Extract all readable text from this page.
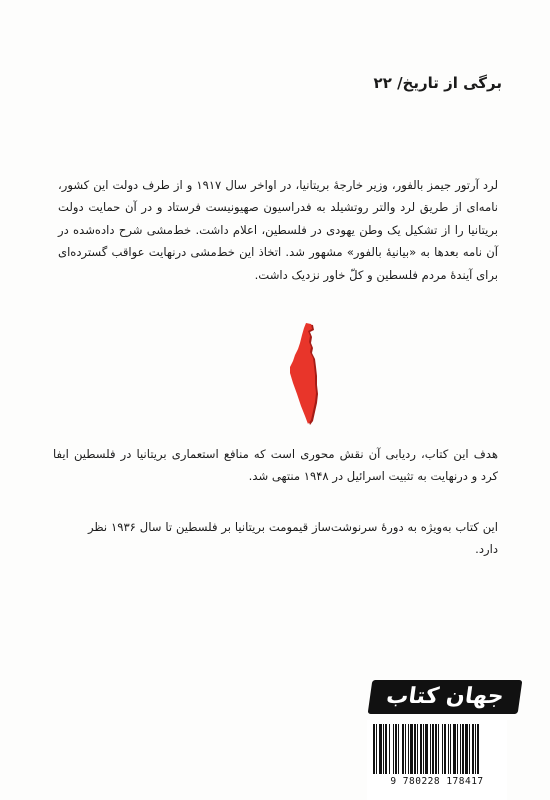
برگی از تاریخ/ ۲۲

لرد آرتور جیمز بالفور، وزیر خارجهٔ بریتانیا، در اواخر سال ۱۹۱۷ و از طرف دولت این کشور، نامه‌ای از طریق لرد والتر روتشیلد به فدراسیون صهیونیست فرستاد و در آن حمایت دولت بریتانیا را از تشکیل یک وطن یهودی در فلسطین، اعلام داشت. خط‌مشی شرح داده‌شده در آن نامه بعدها به «بیانیهٔ بالفور» مشهور شد. اتخاذ این خط‌مشی درنهایت عواقب گسترده‌ای برای آیندهٔ مردم فلسطین و کلّ خاور نزدیک داشت.

هدف این کتاب، ردیابی آن نقش محوری است که منافع استعماری بریتانیا در فلسطین ایفا کرد و درنهایت به تثبیت اسرائیل در ۱۹۴۸ منتهی شد.

این کتاب به‌ویژه به دورهٔ سرنوشت‌ساز قیمومت بریتانیا بر فلسطین تا سال ۱۹۳۶ نظر دارد.

جهان کتاب
9 780228 178417
